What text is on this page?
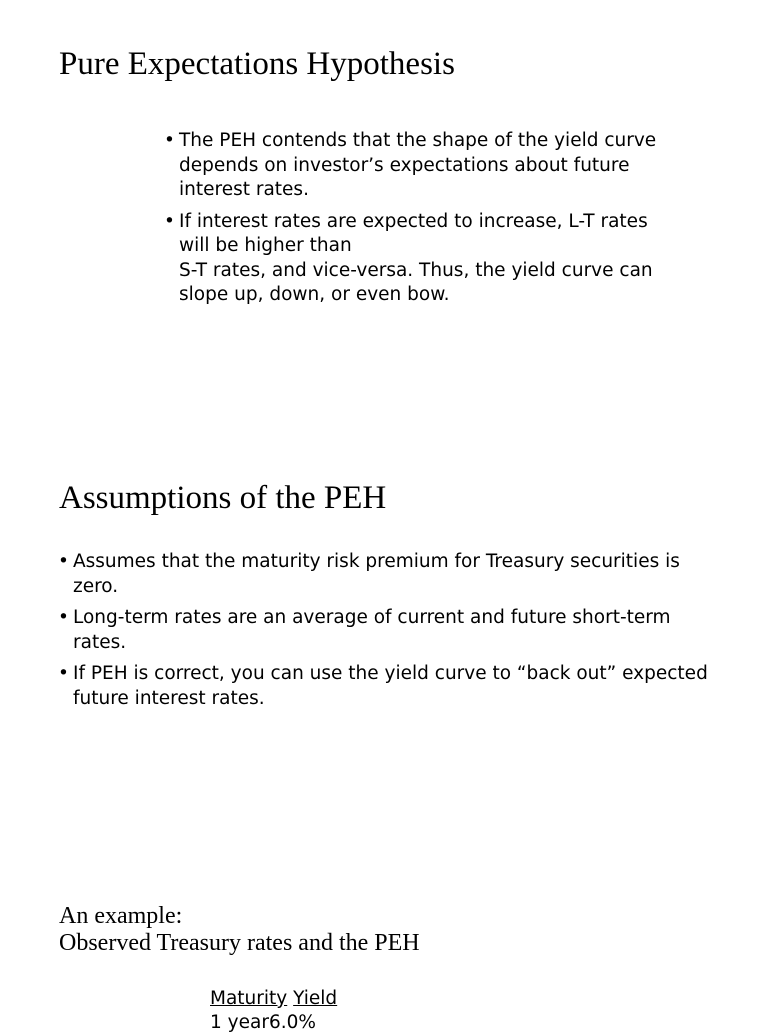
Pure Expectations Hypothesis
• The PEH contends that the shape of the yield curve
depends on investor’s expectations about future
interest rates.
• If interest rates are expected to increase, L-T rates
will be higher than
S-T rates, and vice-versa. Thus, the yield curve can
slope up, down, or even bow.
Assumptions of the PEH
• Assumes that the maturity risk premium for Treasury securities is
zero.
• Long-term rates are an average of current and future short-term
rates.
• If PEH is correct, you can use the yield curve to “back out” expected
future interest rates.
An example:
Observed Treasury rates and the PEH
Maturity Yield
1 year6.0%
